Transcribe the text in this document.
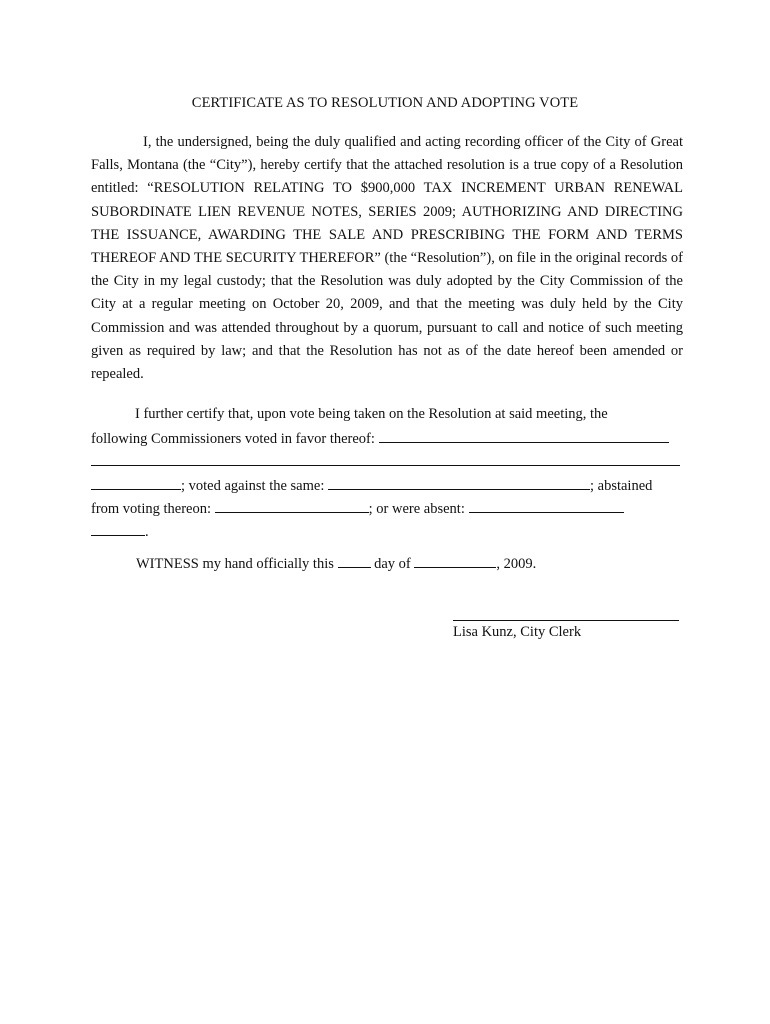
CERTIFICATE AS TO RESOLUTION AND ADOPTING VOTE
I, the undersigned, being the duly qualified and acting recording officer of the City of Great Falls, Montana (the “City”), hereby certify that the attached resolution is a true copy of a Resolution entitled: “RESOLUTION RELATING TO $900,000 TAX INCREMENT URBAN RENEWAL SUBORDINATE LIEN REVENUE NOTES, SERIES 2009; AUTHORIZING AND DIRECTING THE ISSUANCE, AWARDING THE SALE AND PRESCRIBING THE FORM AND TERMS THEREOF AND THE SECURITY THEREFOR” (the “Resolution”), on file in the original records of the City in my legal custody; that the Resolution was duly adopted by the City Commission of the City at a regular meeting on October 20, 2009, and that the meeting was duly held by the City Commission and was attended throughout by a quorum, pursuant to call and notice of such meeting given as required by law; and that the Resolution has not as of the date hereof been amended or repealed.
I further certify that, upon vote being taken on the Resolution at said meeting, the
following Commissioners voted in favor thereof:
; voted against the same:	; abstained
from voting thereon:	; or were absent:
.
WITNESS my hand officially this	day of	, 2009.
Lisa Kunz, City Clerk
